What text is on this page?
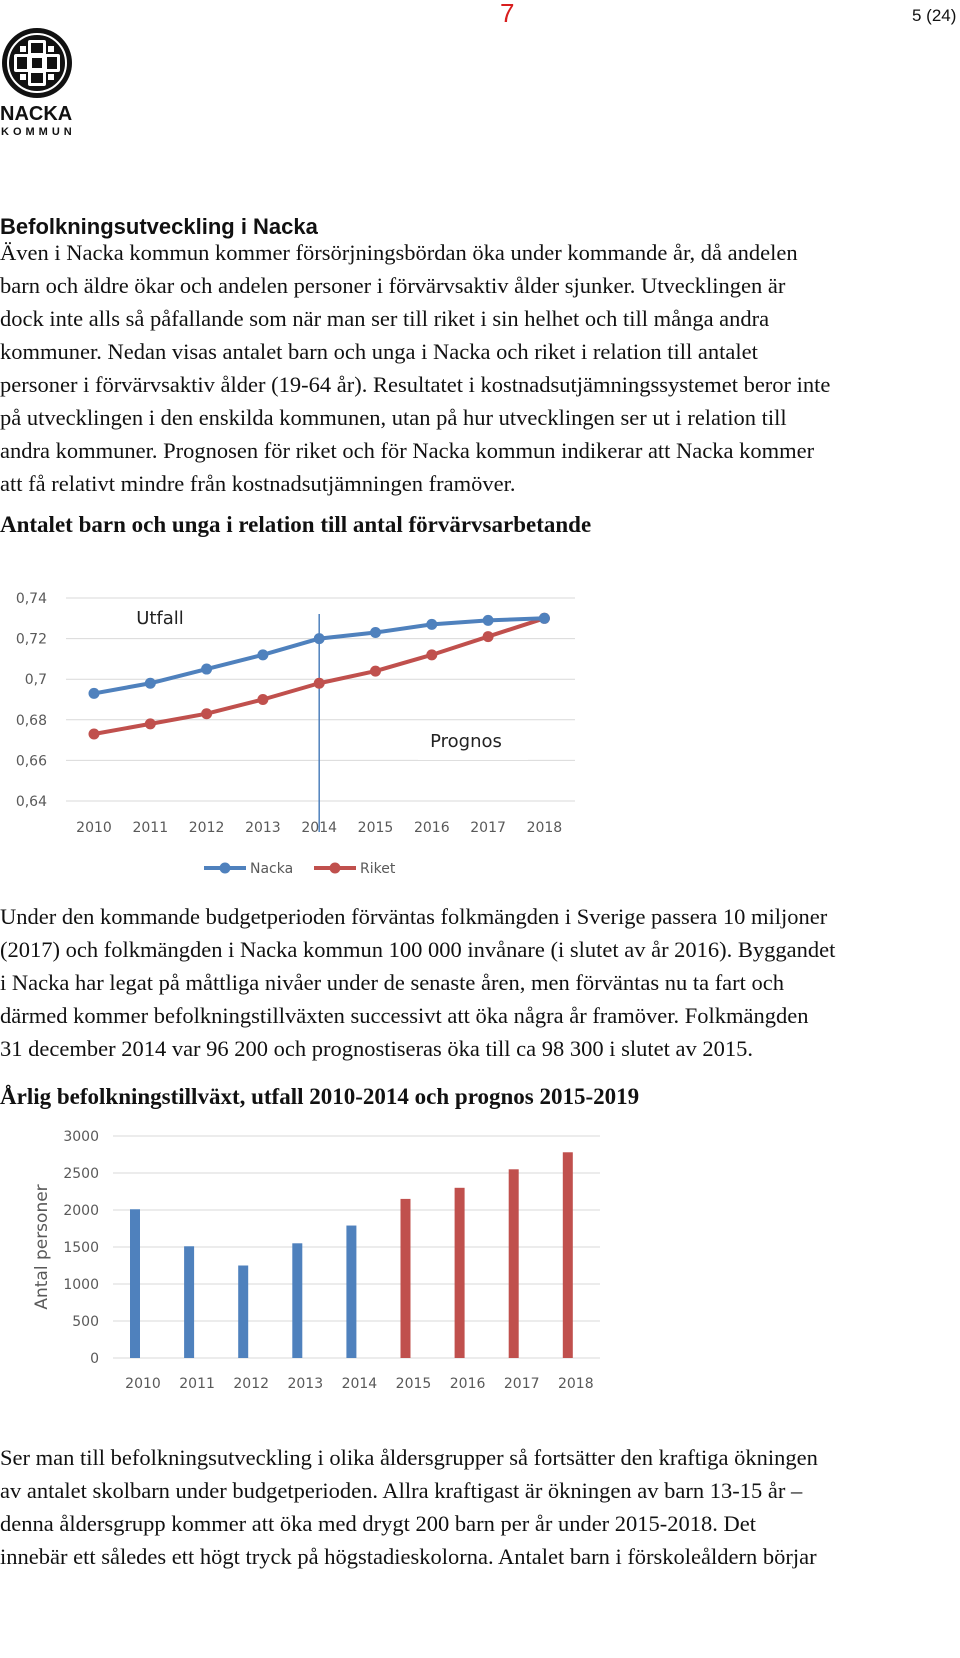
7	5 (24)
NACKA
KOMMUN
Befolkningsutveckling i Nacka
Även i Nacka kommun kommer försörjningsbördan öka under kommande år, då andelen
barn och äldre ökar och andelen personer i förvärvsaktiv ålder sjunker. Utvecklingen är
dock inte alls så påfallande som när man ser till riket i sin helhet och till många andra
kommuner. Nedan visas antalet barn och unga i Nacka och riket i relation till antalet
personer i förvärvsaktiv ålder (19-64 år). Resultatet i kostnadsutjämningssystemet beror inte
på utvecklingen i den enskilda kommunen, utan på hur utvecklingen ser ut i relation till
andra kommuner. Prognosen för riket och för Nacka kommun indikerar att Nacka kommer
att få relativt mindre från kostnadsutjämningen framöver.
Antalet barn och unga i relation till antal förvärvsarbetande
0,74
0,72
0,7
0,68
0,66
0,64
2010 2011 2012 2013 2014 2015 2016 2017 2018
Utfall
Prognos
Nacka	Riket
Under den kommande budgetperioden förväntas folkmängden i Sverige passera 10 miljoner
(2017) och folkmängden i Nacka kommun 100 000 invånare (i slutet av år 2016). Byggandet
i Nacka har legat på måttliga nivåer under de senaste åren, men förväntas nu ta fart och
därmed kommer befolkningstillväxten successivt att öka några år framöver. Folkmängden
31 december 2014 var 96 200 och prognostiseras öka till ca 98 300 i slutet av 2015.
Årlig befolkningstillväxt, utfall 2010-2014 och prognos 2015-2019
3000
2500
2000
1500
1000
500
0
Antal personer
2010 2011 2012 2013 2014 2015 2016 2017 2018
Ser man till befolkningsutveckling i olika åldersgrupper så fortsätter den kraftiga ökningen
av antalet skolbarn under budgetperioden. Allra kraftigast är ökningen av barn 13-15 år –
denna åldersgrupp kommer att öka med drygt 200 barn per år under 2015-2018. Det
innebär ett således ett högt tryck på högstadieskolorna. Antalet barn i förskoleåldern börjar
